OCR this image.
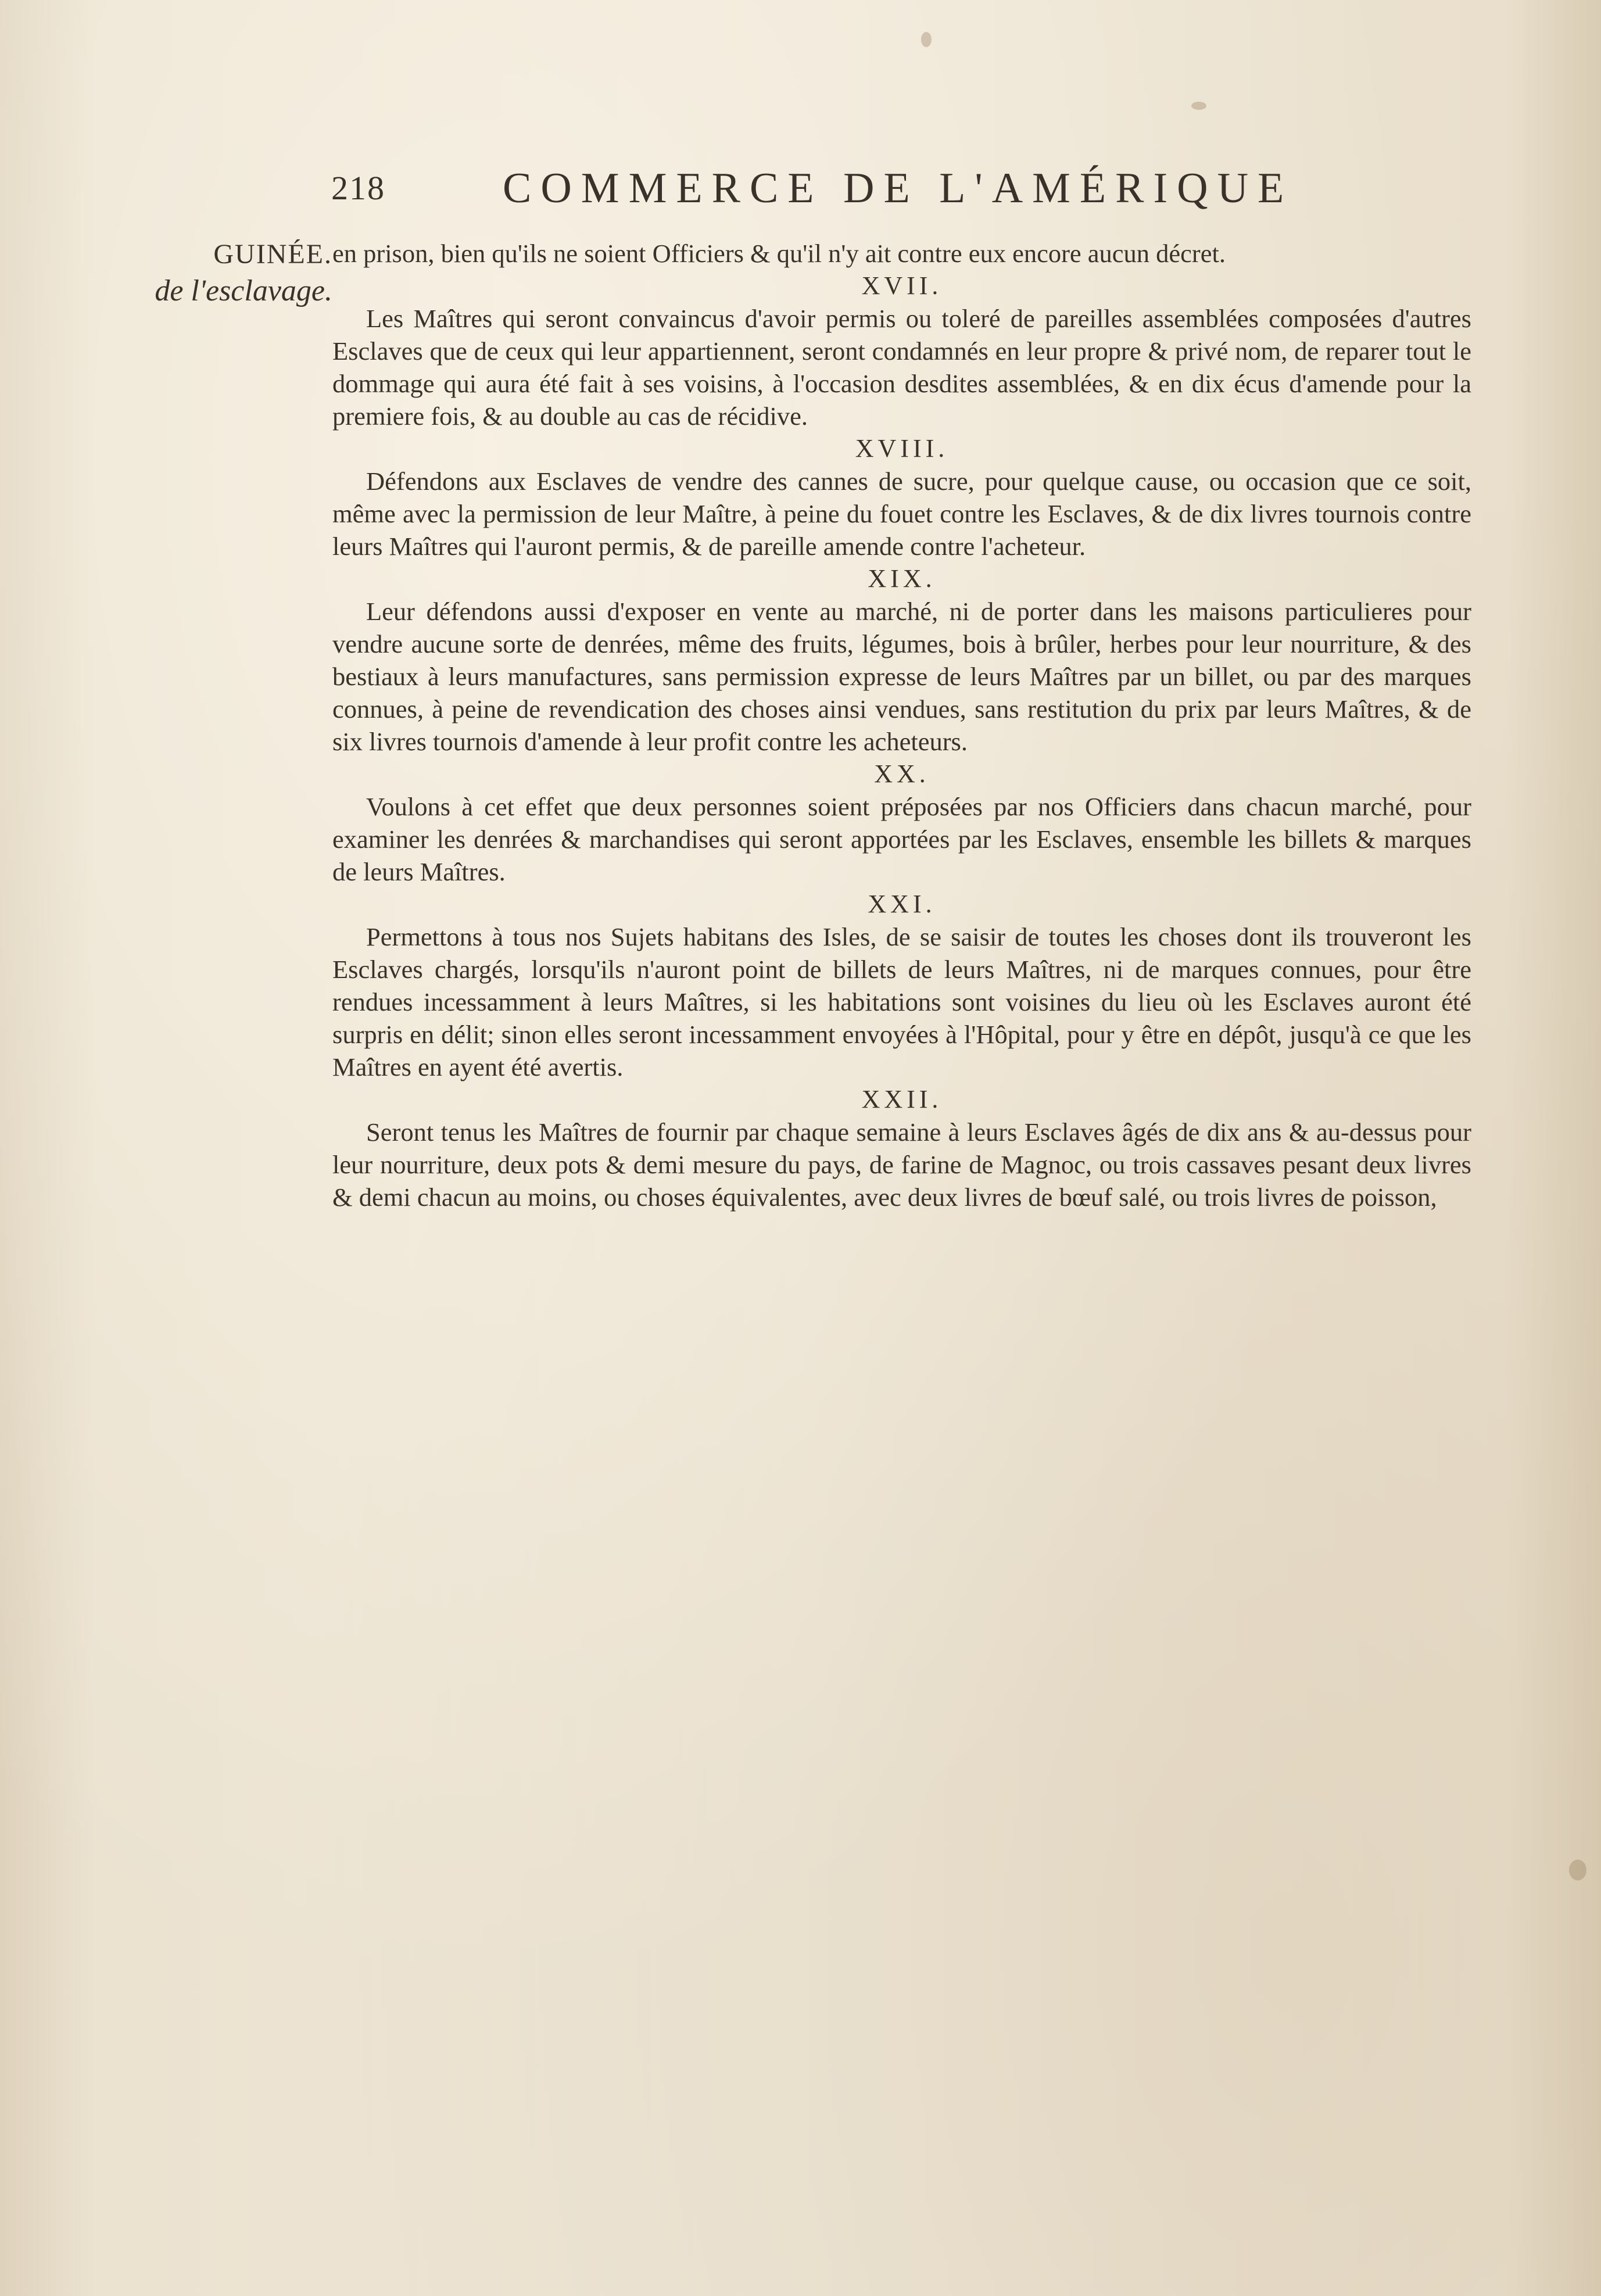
218	COMMERCE DE L'AMÉRIQUE
GUINÉE.
de l'esclavage.

en prison, bien qu'ils ne soient Officiers & qu'il n'y ait contre eux encore aucun décret.

XVII.

Les Maîtres qui seront convaincus d'avoir permis ou toleré de pareilles assemblées composées d'autres Esclaves que de ceux qui leur appartiennent, seront condamnés en leur propre & privé nom, de reparer tout le dommage qui aura été fait à ses voisins, à l'occasion desdites assemblées, & en dix écus d'amende pour la premiere fois, & au double au cas de récidive.

XVIII.

Défendons aux Esclaves de vendre des cannes de sucre, pour quelque cause, ou occasion que ce soit, même avec la permission de leur Maître, à peine du fouet contre les Esclaves, & de dix livres tournois contre leurs Maîtres qui l'auront permis, & de pareille amende contre l'acheteur.

XIX.

Leur défendons aussi d'exposer en vente au marché, ni de porter dans les maisons particulieres pour vendre aucune sorte de denrées, même des fruits, légumes, bois à brûler, herbes pour leur nourriture, & des bestiaux à leurs manufactures, sans permission expresse de leurs Maîtres par un billet, ou par des marques connues, à peine de revendication des choses ainsi vendues, sans restitution du prix par leurs Maîtres, & de six livres tournois d'amende à leur profit contre les acheteurs.

XX.

Voulons à cet effet que deux personnes soient préposées par nos Officiers dans chacun marché, pour examiner les denrées & marchandises qui seront apportées par les Esclaves, ensemble les billets & marques de leurs Maîtres.

XXI.

Permettons à tous nos Sujets habitans des Isles, de se saisir de toutes les choses dont ils trouveront les Esclaves chargés, lorsqu'ils n'auront point de billets de leurs Maîtres, ni de marques connues, pour être rendues incessamment à leurs Maîtres, si les habitations sont voisines du lieu où les Esclaves auront été surpris en délit; sinon elles seront incessamment envoyées à l'Hôpital, pour y être en dépôt, jusqu'à ce que les Maîtres en ayent été avertis.

XXII.

Seront tenus les Maîtres de fournir par chaque semaine à leurs Esclaves âgés de dix ans & au-dessus pour leur nourriture, deux pots & demi mesure du pays, de farine de Magnoc, ou trois cassaves pesant deux livres & demi chacun au moins, ou choses équivalentes, avec deux livres de bœuf salé, ou trois livres de poisson,
